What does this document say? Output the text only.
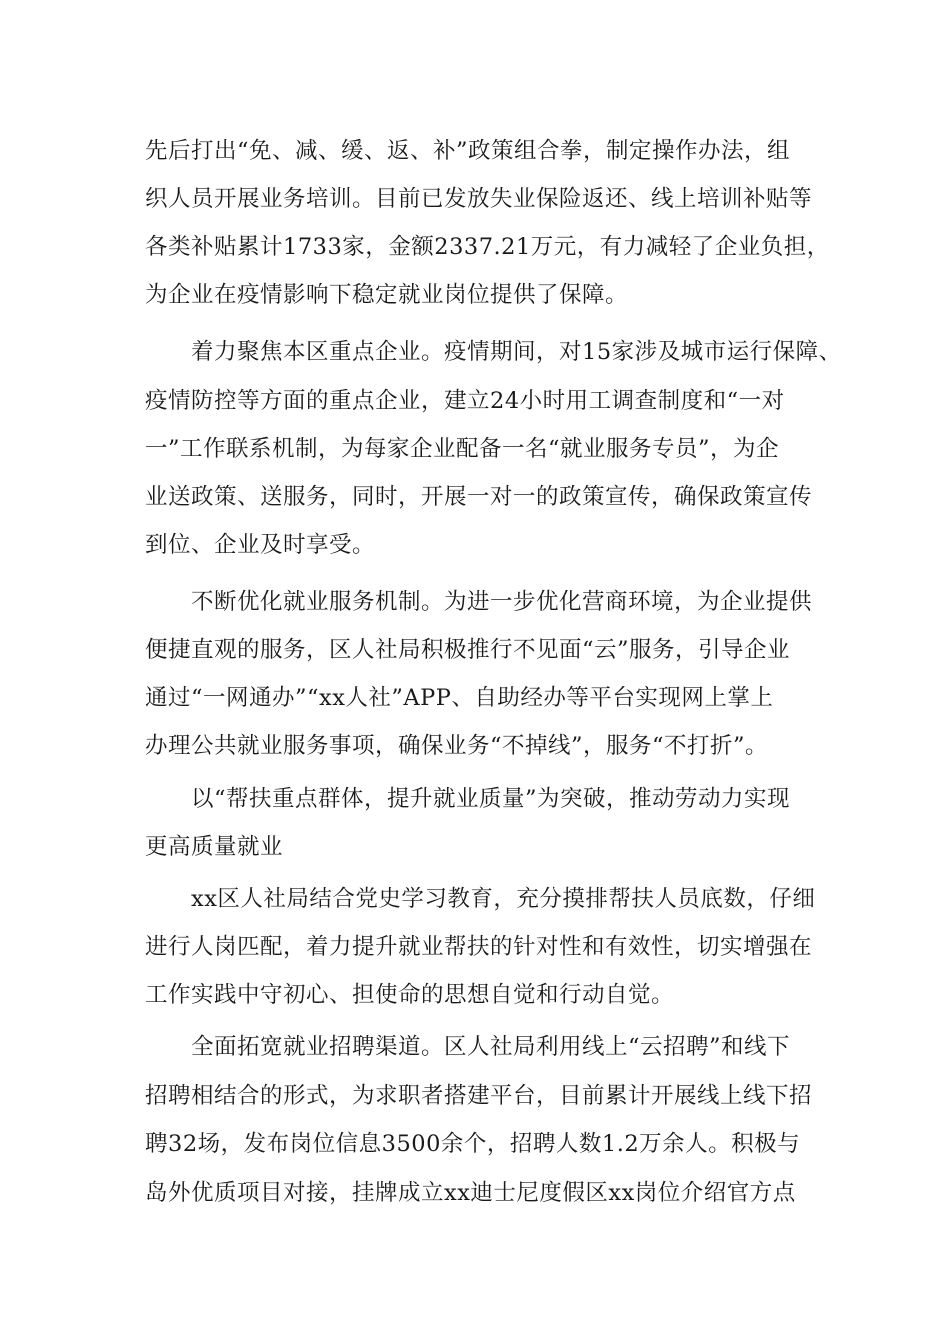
先后打出“免、减、缓、返、补”政策组合拳，制定操作办法，组
织人员开展业务培训。目前已发放失业保险返还、线上培训补贴等
各类补贴累计1733家，金额2337.21万元，有力减轻了企业负担，
为企业在疫情影响下稳定就业岗位提供了保障。
着力聚焦本区重点企业。疫情期间，对15家涉及城市运行保障、
疫情防控等方面的重点企业，建立24小时用工调查制度和“一对
一”工作联系机制，为每家企业配备一名“就业服务专员”，为企
业送政策、送服务，同时，开展一对一的政策宣传，确保政策宣传
到位、企业及时享受。
不断优化就业服务机制。为进一步优化营商环境，为企业提供
便捷直观的服务，区人社局积极推行不见面“云”服务，引导企业
通过“一网通办”“xx人社”APP、自助经办等平台实现网上掌上
办理公共就业服务事项，确保业务“不掉线”，服务“不打折”。
以“帮扶重点群体，提升就业质量”为突破，推动劳动力实现
更高质量就业
xx区人社局结合党史学习教育，充分摸排帮扶人员底数，仔细
进行人岗匹配，着力提升就业帮扶的针对性和有效性，切实增强在
工作实践中守初心、担使命的思想自觉和行动自觉。
全面拓宽就业招聘渠道。区人社局利用线上“云招聘”和线下
招聘相结合的形式，为求职者搭建平台，目前累计开展线上线下招
聘32场，发布岗位信息3500余个，招聘人数1.2万余人。积极与
岛外优质项目对接，挂牌成立xx迪士尼度假区xx岗位介绍官方点
